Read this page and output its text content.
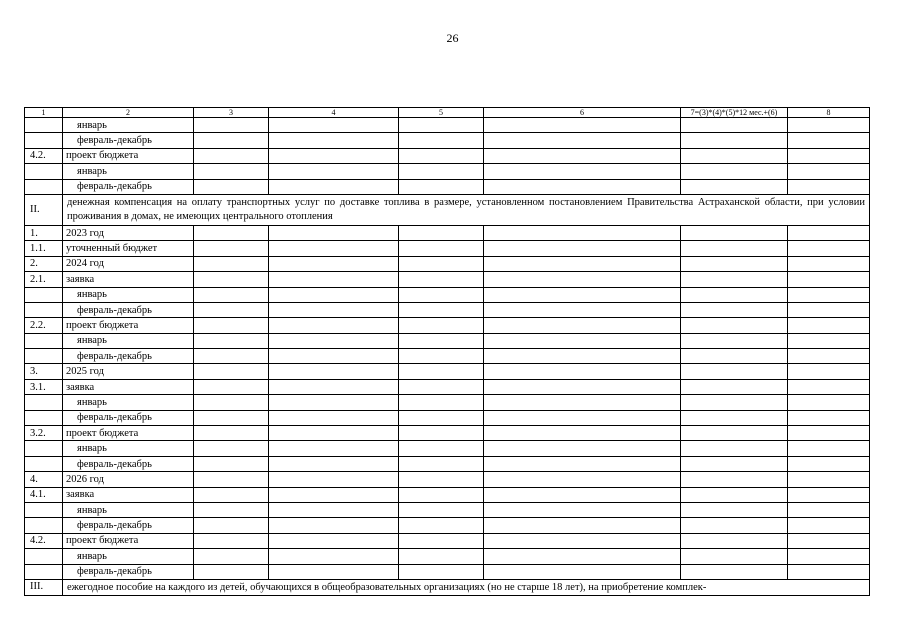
26
1	2	3	4	5	6	7=(3)*(4)*(5)*12 мес.+(6)	8
	январь						
	февраль-декабрь						
4.2.	проект бюджета						
	январь						
	февраль-декабрь						
II.	денежная компенсация на оплату транспортных услуг по доставке топлива в размере, установленном постановлением Правительства Астраханской области, при условии проживания в домах, не имеющих центрального отопления						
1.	2023 год						
1.1.	уточненный бюджет						
2.	2024 год						
2.1.	заявка						
	январь						
	февраль-декабрь						
2.2.	проект бюджета						
	январь						
	февраль-декабрь						
3.	2025 год						
3.1.	заявка						
	январь						
	февраль-декабрь						
3.2.	проект бюджета						
	январь						
	февраль-декабрь						
4.	2026 год						
4.1.	заявка						
	январь						
	февраль-декабрь						
4.2.	проект бюджета						
	январь						
	февраль-декабрь						
III.	ежегодное пособие на каждого из детей, обучающихся в общеобразовательных организациях (но не старше 18 лет), на приобретение комплек-						
